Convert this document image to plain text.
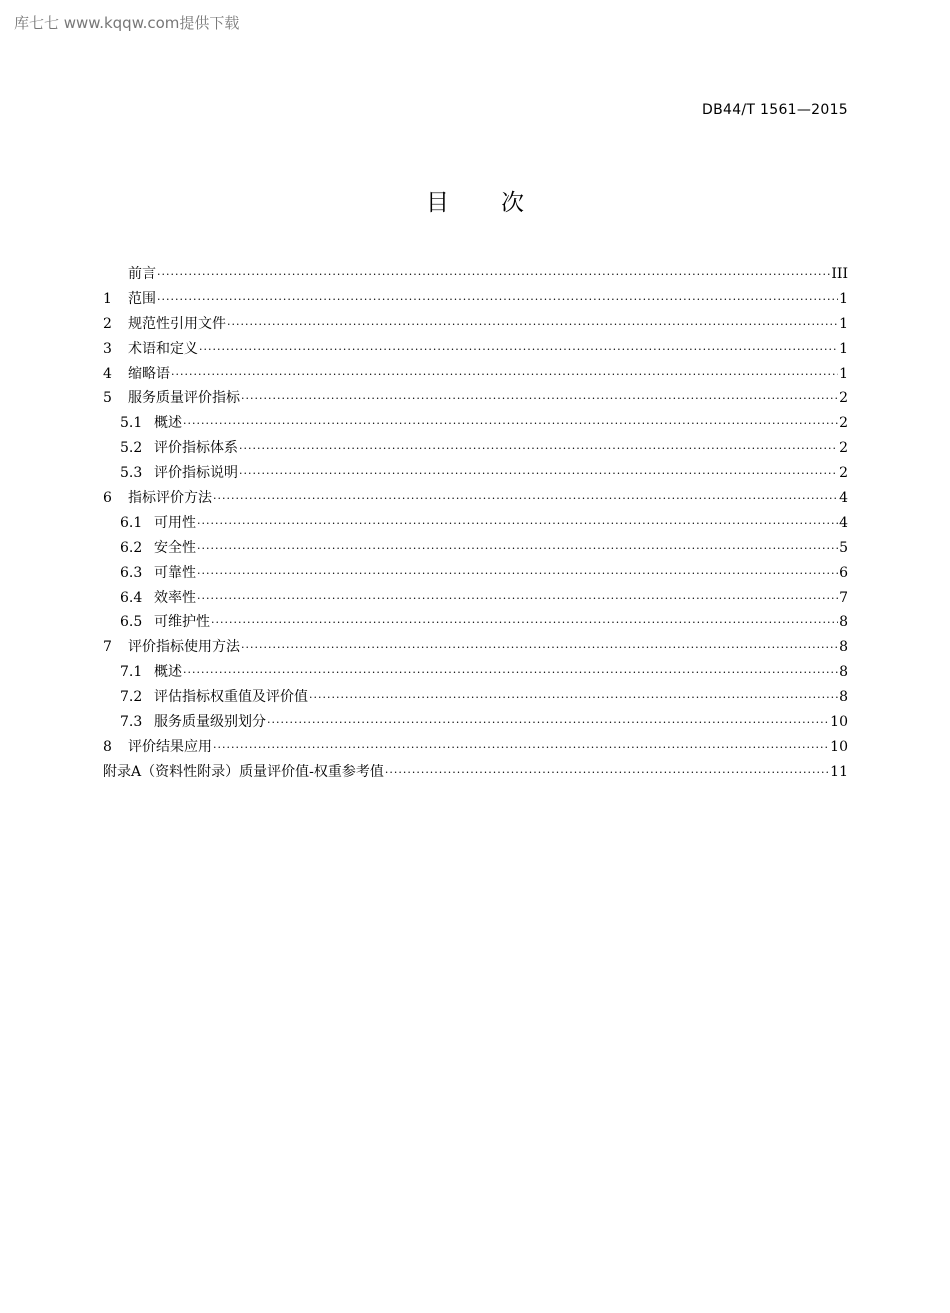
库七七 www.kqqw.com提供下载
DB44/T 1561—2015
目次
前言 ·····	III
1	范围 ·····	1
2	规范性引用文件 ·····	1
3	术语和定义 ·····	1
4	缩略语 ·····	1
5	服务质量评价指标 ·····	2
5.1 概述 ·····	2
5.2 评价指标体系 ·····	2
5.3 评价指标说明 ·····	2
6	指标评价方法 ·····	4
6.1 可用性 ·····	4
6.2 安全性 ·····	5
6.3 可靠性 ·····	6
6.4 效率性 ·····	7
6.5 可维护性 ·····	8
7	评价指标使用方法 ·····	8
7.1 概述 ·····	8
7.2 评估指标权重值及评价值 ·····	8
7.3 服务质量级别划分 ·····	10
8	评价结果应用 ·····	10
附录A（资料性附录）质量评价值-权重参考值 ·····	11
